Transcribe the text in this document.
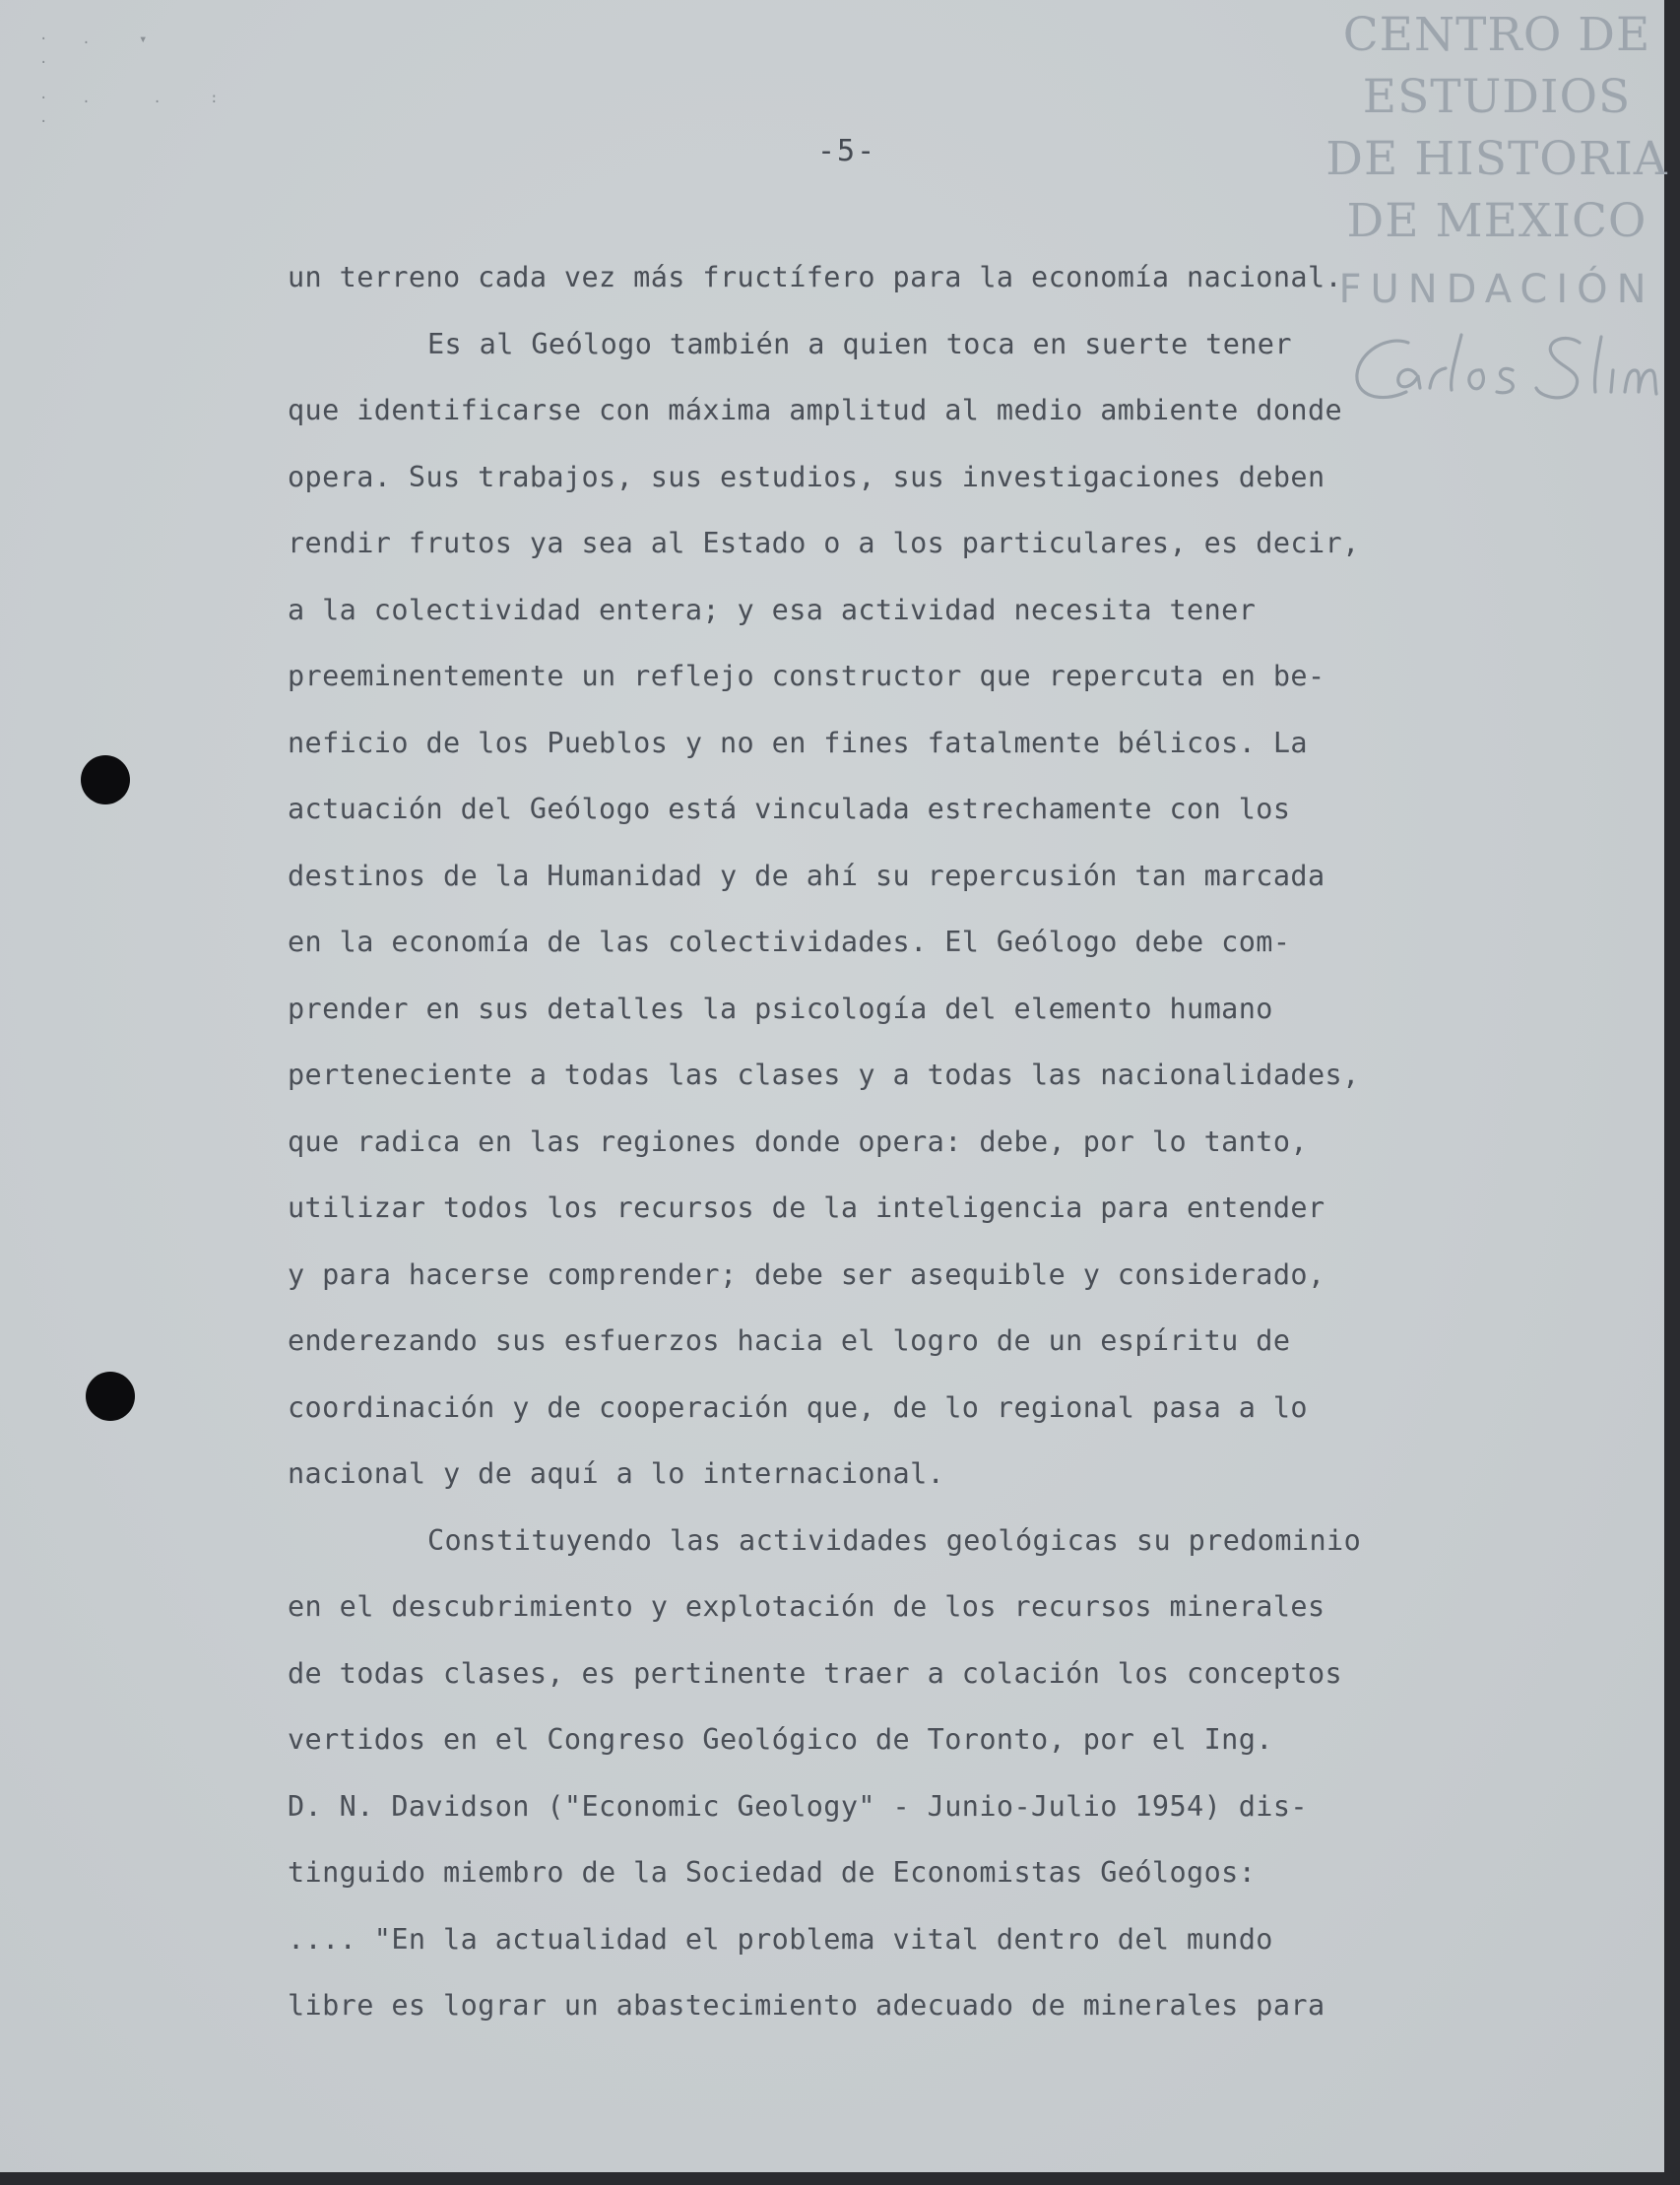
·  .   ▾
.

·  .    .   :
.
-5-
CENTRO DE
ESTUDIOS
DE HISTORIA
DE MEXICO
FUNDACIÓN
un terreno cada vez más fructífero para la economía nacional.
Es al Geólogo también a quien toca en suerte tener
que identificarse con máxima amplitud al medio ambiente donde
opera. Sus trabajos, sus estudios, sus investigaciones deben
rendir frutos ya sea al Estado o a los particulares, es decir,
a la colectividad entera; y esa actividad necesita tener
preeminentemente un reflejo constructor que repercuta en be-
neficio de los Pueblos y no en fines fatalmente bélicos. La
actuación del Geólogo está vinculada estrechamente con los
destinos de la Humanidad y de ahí su repercusión tan marcada
en la economía de las colectividades. El Geólogo debe com-
prender en sus detalles la psicología del elemento humano
perteneciente a todas las clases y a todas las nacionalidades,
que radica en las regiones donde opera: debe, por lo tanto,
utilizar todos los recursos de la inteligencia para entender
y para hacerse comprender; debe ser asequible y considerado,
enderezando sus esfuerzos hacia el logro de un espíritu de
coordinación y de cooperación que, de lo regional pasa a lo
nacional y de aquí a lo internacional.
Constituyendo las actividades geológicas su predominio
en el descubrimiento y explotación de los recursos minerales
de todas clases, es pertinente traer a colación los conceptos
vertidos en el Congreso Geológico de Toronto, por el Ing.
D. N. Davidson ("Economic Geology" - Junio-Julio 1954) dis-
tinguido miembro de la Sociedad de Economistas Geólogos:
.... "En la actualidad el problema vital dentro del mundo
libre es lograr un abastecimiento adecuado de minerales para
